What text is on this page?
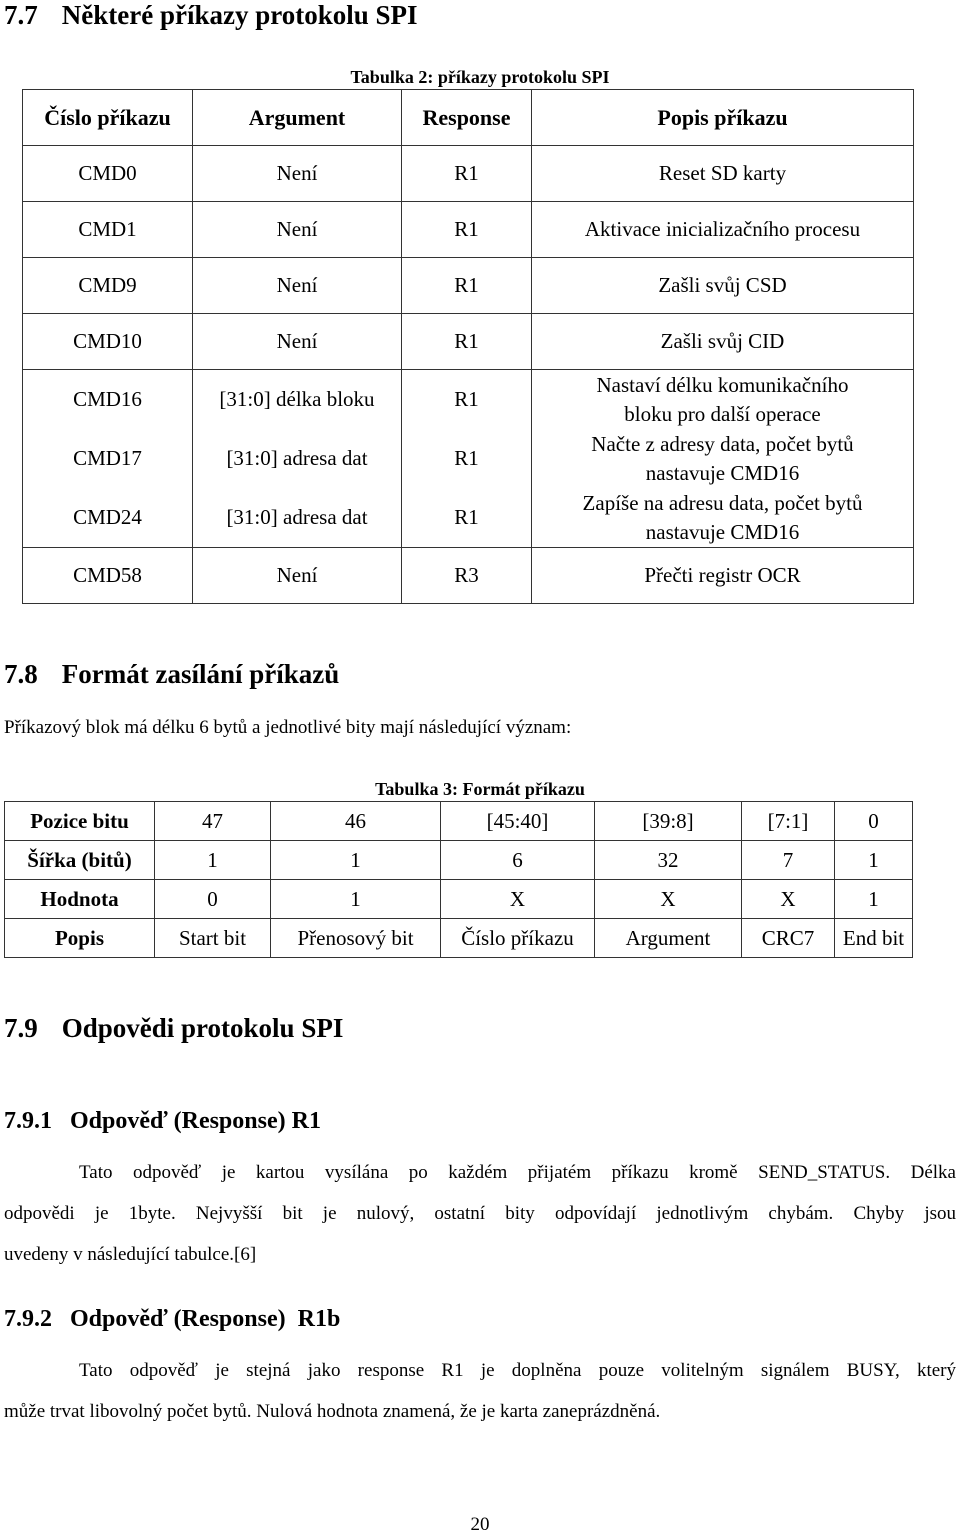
7.7 Některé příkazy protokolu SPI
Tabulka 2: příkazy protokolu SPI
Číslo příkazu	Argument	Response	Popis příkazu
CMD0	Není	R1	Reset SD karty
CMD1	Není	R1	Aktivace inicializačního procesu
CMD9	Není	R1	Zašli svůj CSD
CMD10	Není	R1	Zašli svůj CID
CMD16	[31:0] délka bloku	R1	Nastaví délku komunikačního
bloku pro další operace
CMD17	[31:0] adresa dat	R1	Načte z adresy data, počet bytů
nastavuje CMD16
CMD24	[31:0] adresa dat	R1	Zapíše na adresu data, počet bytů
nastavuje CMD16
CMD58	Není	R3	Přečti registr OCR
7.8 Formát zasílání příkazů

Příkazový blok má délku 6 bytů a jednotlivé bity mají následující význam:

Tabulka 3: Formát příkazu
Pozice bitu	47	46	[45:40]	[39:8]	[7:1]	0
Šířka (bitů)	1	1	6	32	7	1
Hodnota	0	1	X	X	X	1
Popis	Start bit	Přenosový bit	Číslo příkazu	Argument	CRC7	End bit
7.9 Odpovědi protokolu SPI
7.9.1 Odpověď (Response) R1

Tato odpověď je kartou vysílána po každém přijatém příkazu kromě SEND_STATUS. Délka

odpovědi je 1byte. Nejvyšší bit je nulový, ostatní bity odpovídají jednotlivým chybám. Chyby jsou

uvedeny v následující tabulce.[6]

7.9.2 Odpověď (Response)  R1b

Tato odpověď je stejná jako response R1 je doplněna pouze volitelným signálem BUSY, který

může trvat libovolný počet bytů. Nulová hodnota znamená, že je karta zaneprázdněná.

20
